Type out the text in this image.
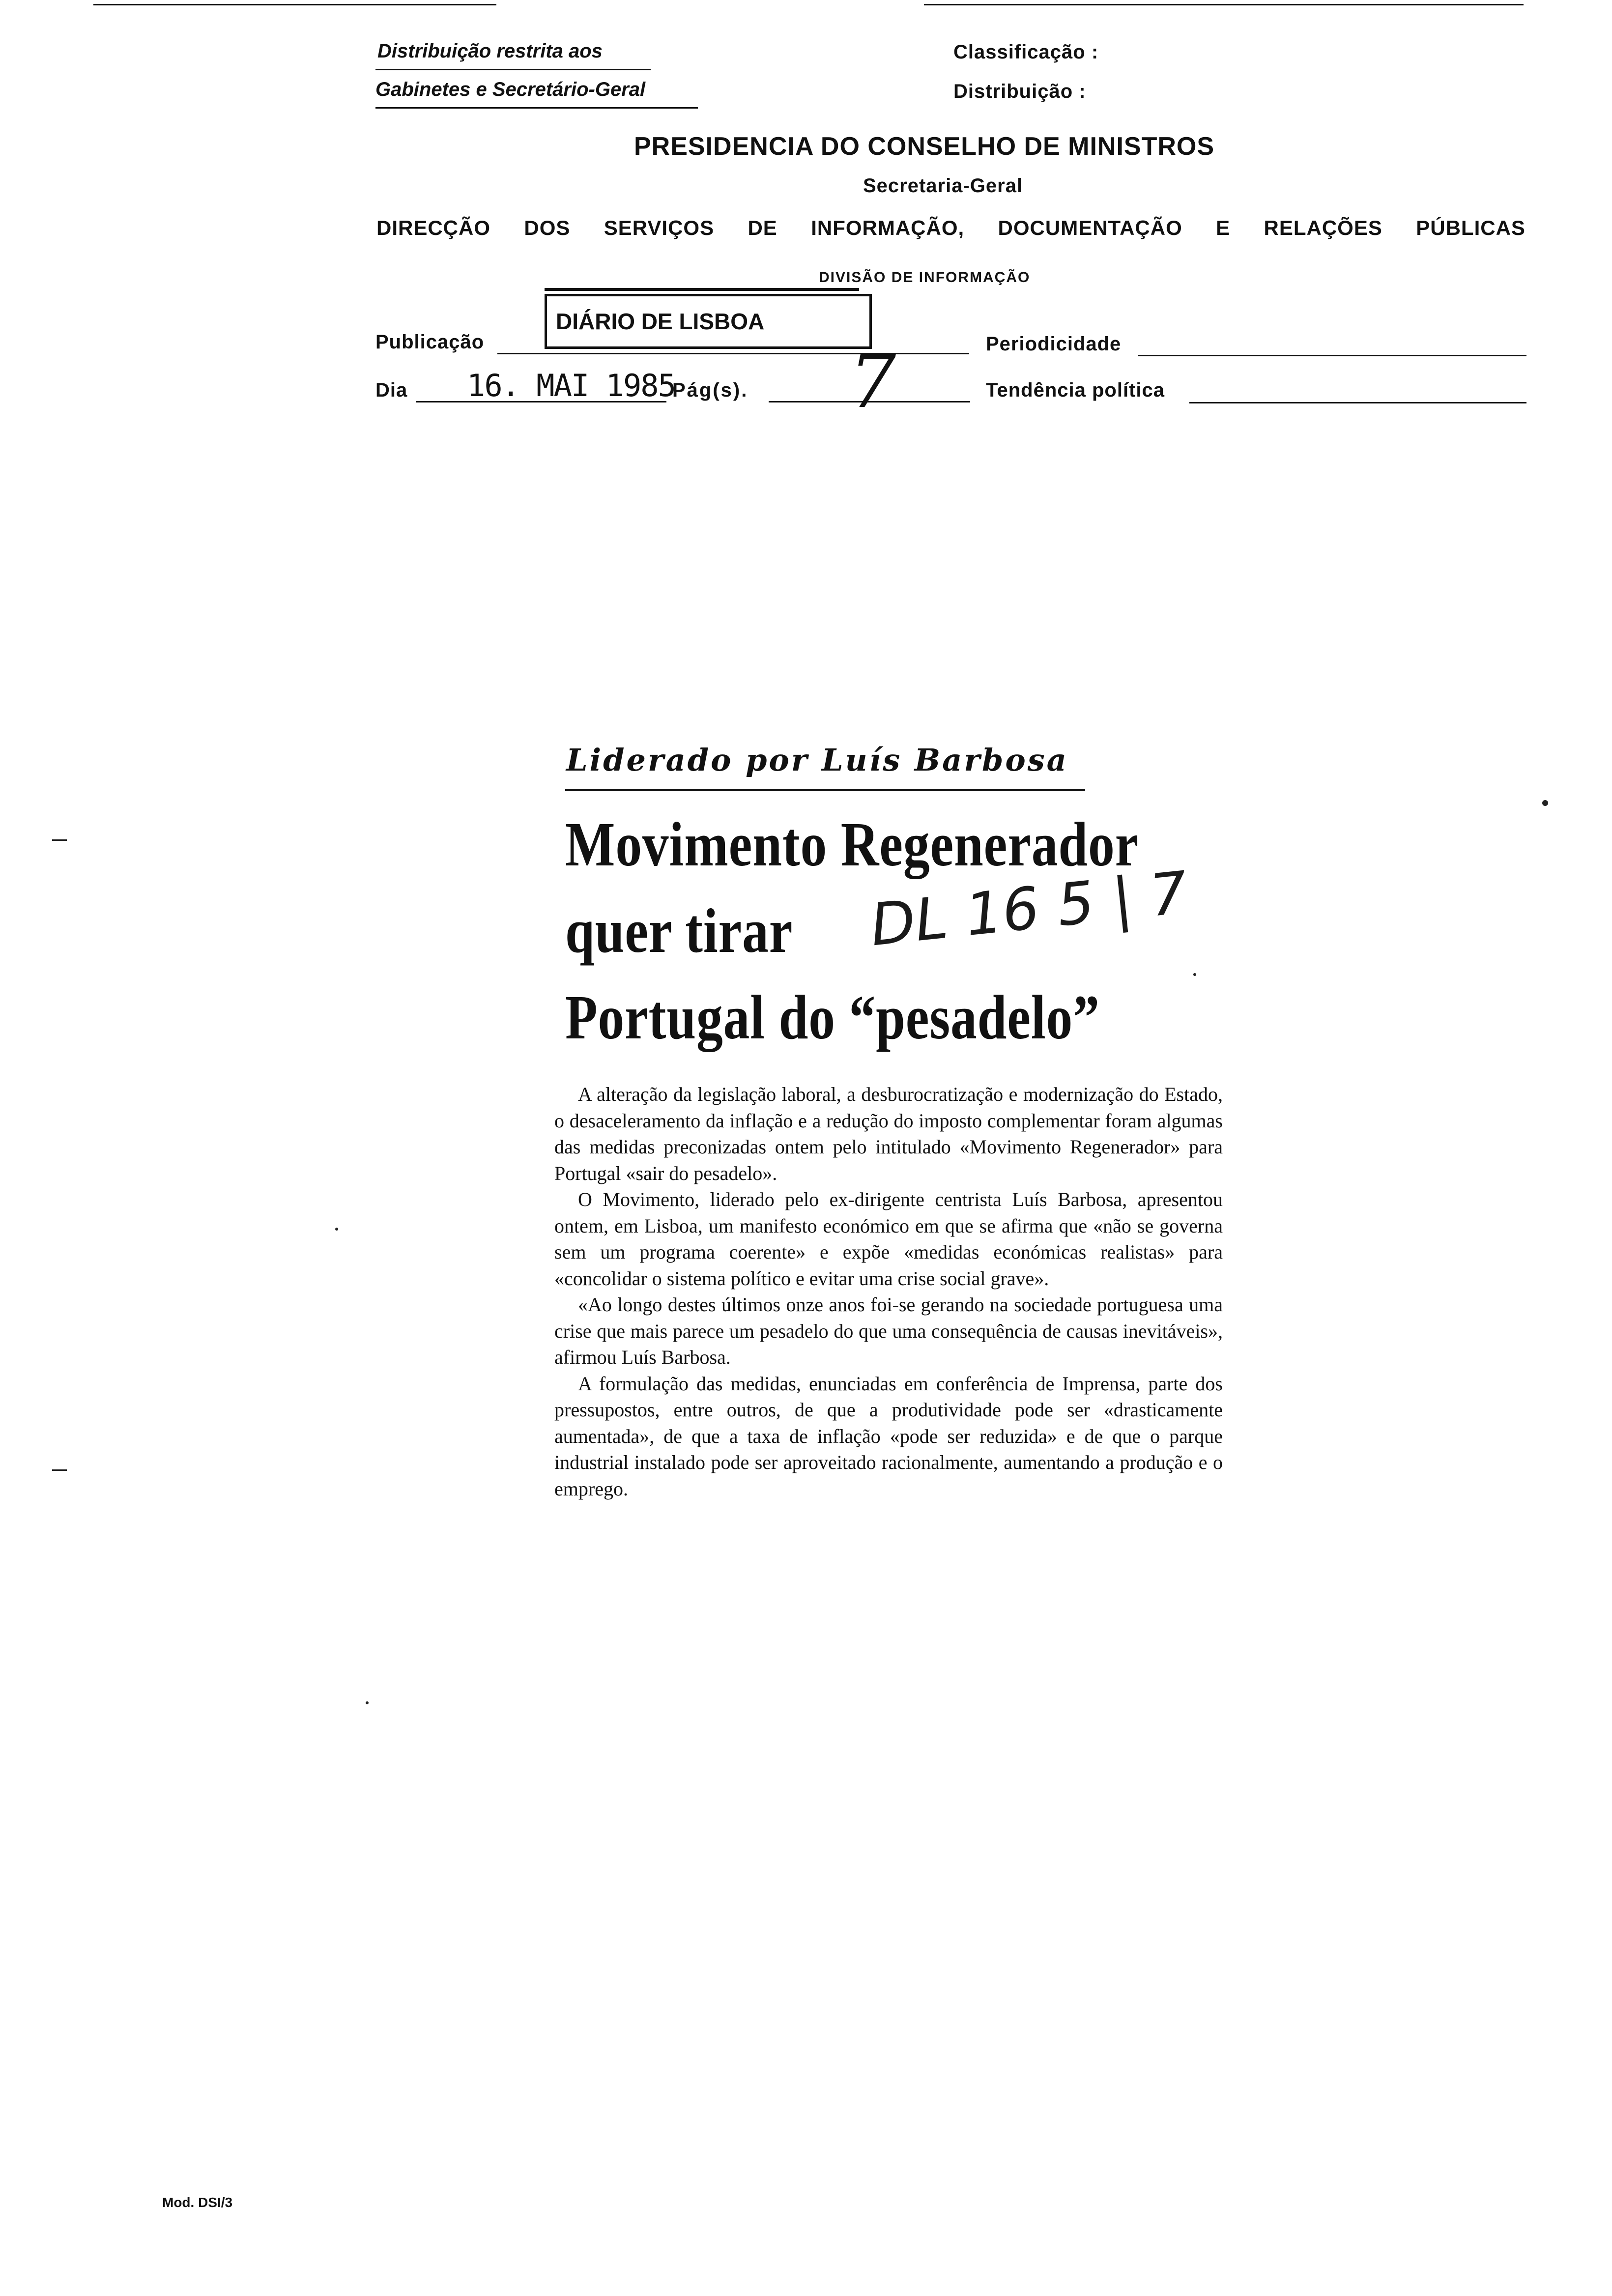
Distribuição restrita aos
Gabinetes e Secretário-Geral
Classificação :
Distribuição :
PRESIDENCIA DO CONSELHO DE MINISTROS
Secretaria-Geral
DIRECÇÃO DOS SERVIÇOS DE INFORMAÇÃO, DOCUMENTAÇÃO E RELAÇÕES PÚBLICAS
DIVISÃO DE INFORMAÇÃO
Publicação
DIÁRIO DE LISBOA
Periodicidade
Dia 16. MAI 1985
Pág(s). 7	Tendência política
Liderado por Luís Barbosa
Movimento Regenerador
quer tirar
Portugal do “pesadelo”
DL 16 5 | 7

A alteração da legislação laboral, a desburocratização e modernização do Estado, o desaceleramento da inflação e a redução do imposto complementar foram algumas das medidas preconizadas ontem pelo intitulado «Movimento Regenerador» para Portugal «sair do pesadelo».

O Movimento, liderado pelo ex-dirigente centrista Luís Barbosa, apresentou ontem, em Lisboa, um manifesto económico em que se afirma que «não se governa sem um programa coerente» e expõe «medidas económicas realistas» para «concolidar o sistema político e evitar uma crise social grave».

«Ao longo destes últimos onze anos foi-se gerando na sociedade portuguesa uma crise que mais parece um pesadelo do que uma consequência de causas inevitáveis», afirmou Luís Barbosa.

A formulação das medidas, enunciadas em conferência de Imprensa, parte dos pressupostos, entre outros, de que a produtividade pode ser «drasticamente aumentada», de que a taxa de inflação «pode ser reduzida» e de que o parque industrial instalado pode ser aproveitado racionalmente, aumentando a produção e o emprego.

Mod. DSI/3
